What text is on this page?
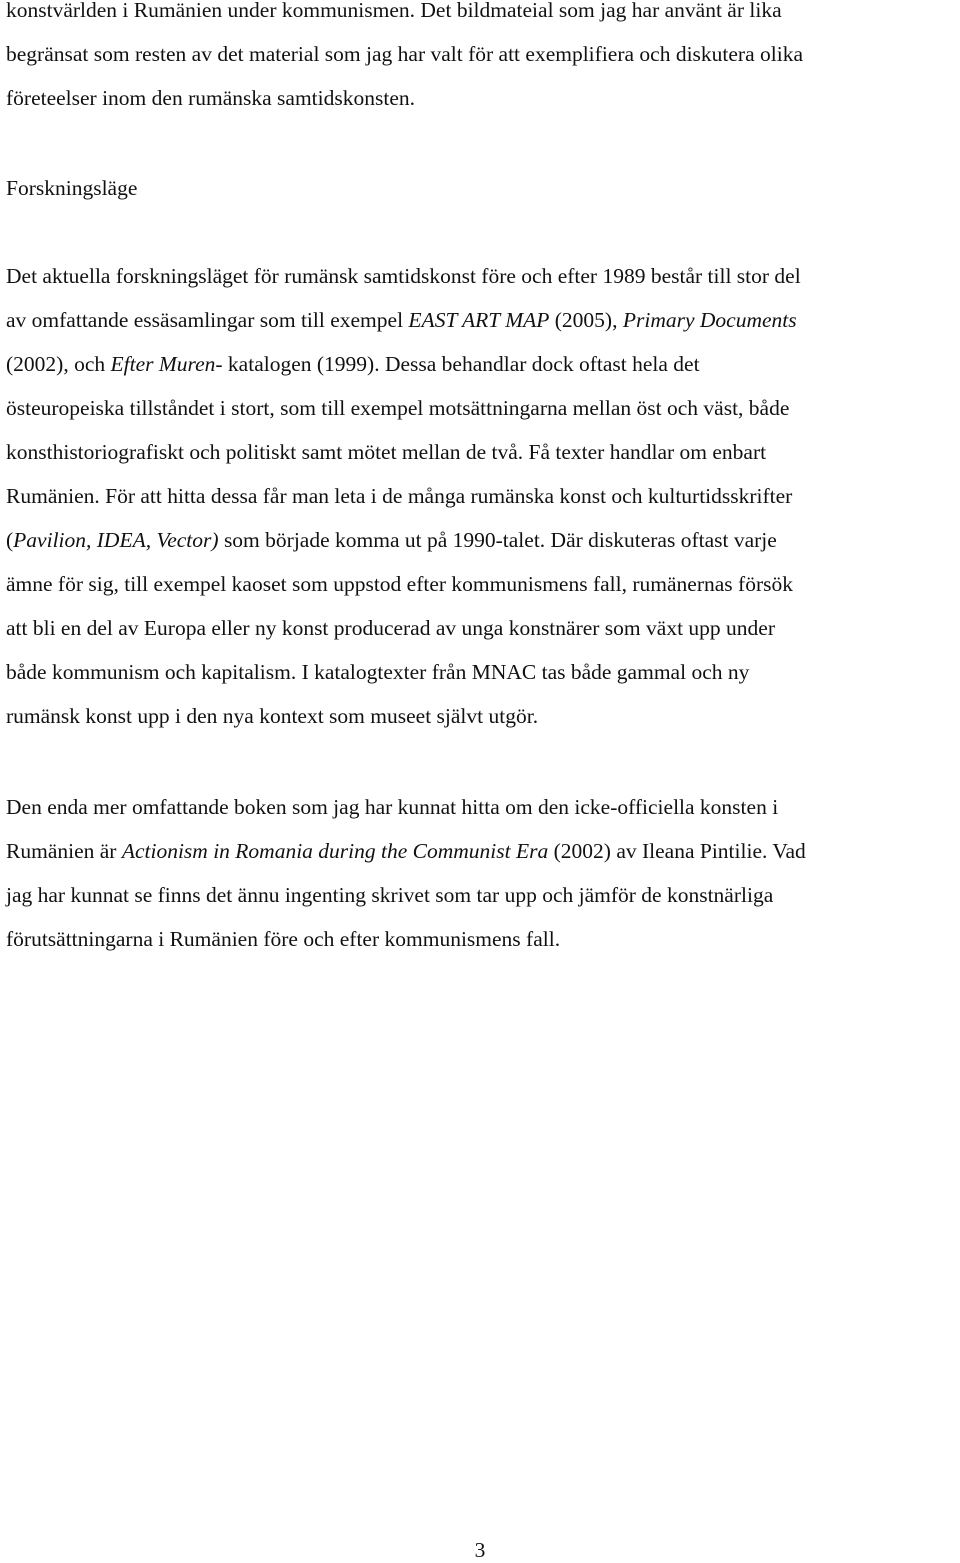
konstvärlden i Rumänien under kommunismen. Det bildmateial som jag har använt är lika
begränsat som resten av det material som jag har valt för att exemplifiera och diskutera olika
företeelser inom den rumänska samtidskonsten.

Forskningsläge

Det aktuella forskningsläget för rumänsk samtidskonst före och efter 1989 består till stor del
av omfattande essäsamlingar som till exempel EAST ART MAP (2005), Primary Documents
(2002), och Efter Muren- katalogen (1999). Dessa behandlar dock oftast hela det
östeuropeiska tillståndet i stort, som till exempel motsättningarna mellan öst och väst, både
konsthistoriografiskt och politiskt samt mötet mellan de två. Få texter handlar om enbart
Rumänien. För att hitta dessa får man leta i de många rumänska konst och kulturtidsskrifter
(Pavilion, IDEA, Vector) som började komma ut på 1990-talet. Där diskuteras oftast varje
ämne för sig, till exempel kaoset som uppstod efter kommunismens fall, rumänernas försök
att bli en del av Europa eller ny konst producerad av unga konstnärer som växt upp under
både kommunism och kapitalism. I katalogtexter från MNAC tas både gammal och ny
rumänsk konst upp i den nya kontext som museet självt utgör.

Den enda mer omfattande boken som jag har kunnat hitta om den icke-officiella konsten i
Rumänien är Actionism in Romania during the Communist Era (2002) av Ileana Pintilie. Vad
jag har kunnat se finns det ännu ingenting skrivet som tar upp och jämför de konstnärliga
förutsättningarna i Rumänien före och efter kommunismens fall.

3
